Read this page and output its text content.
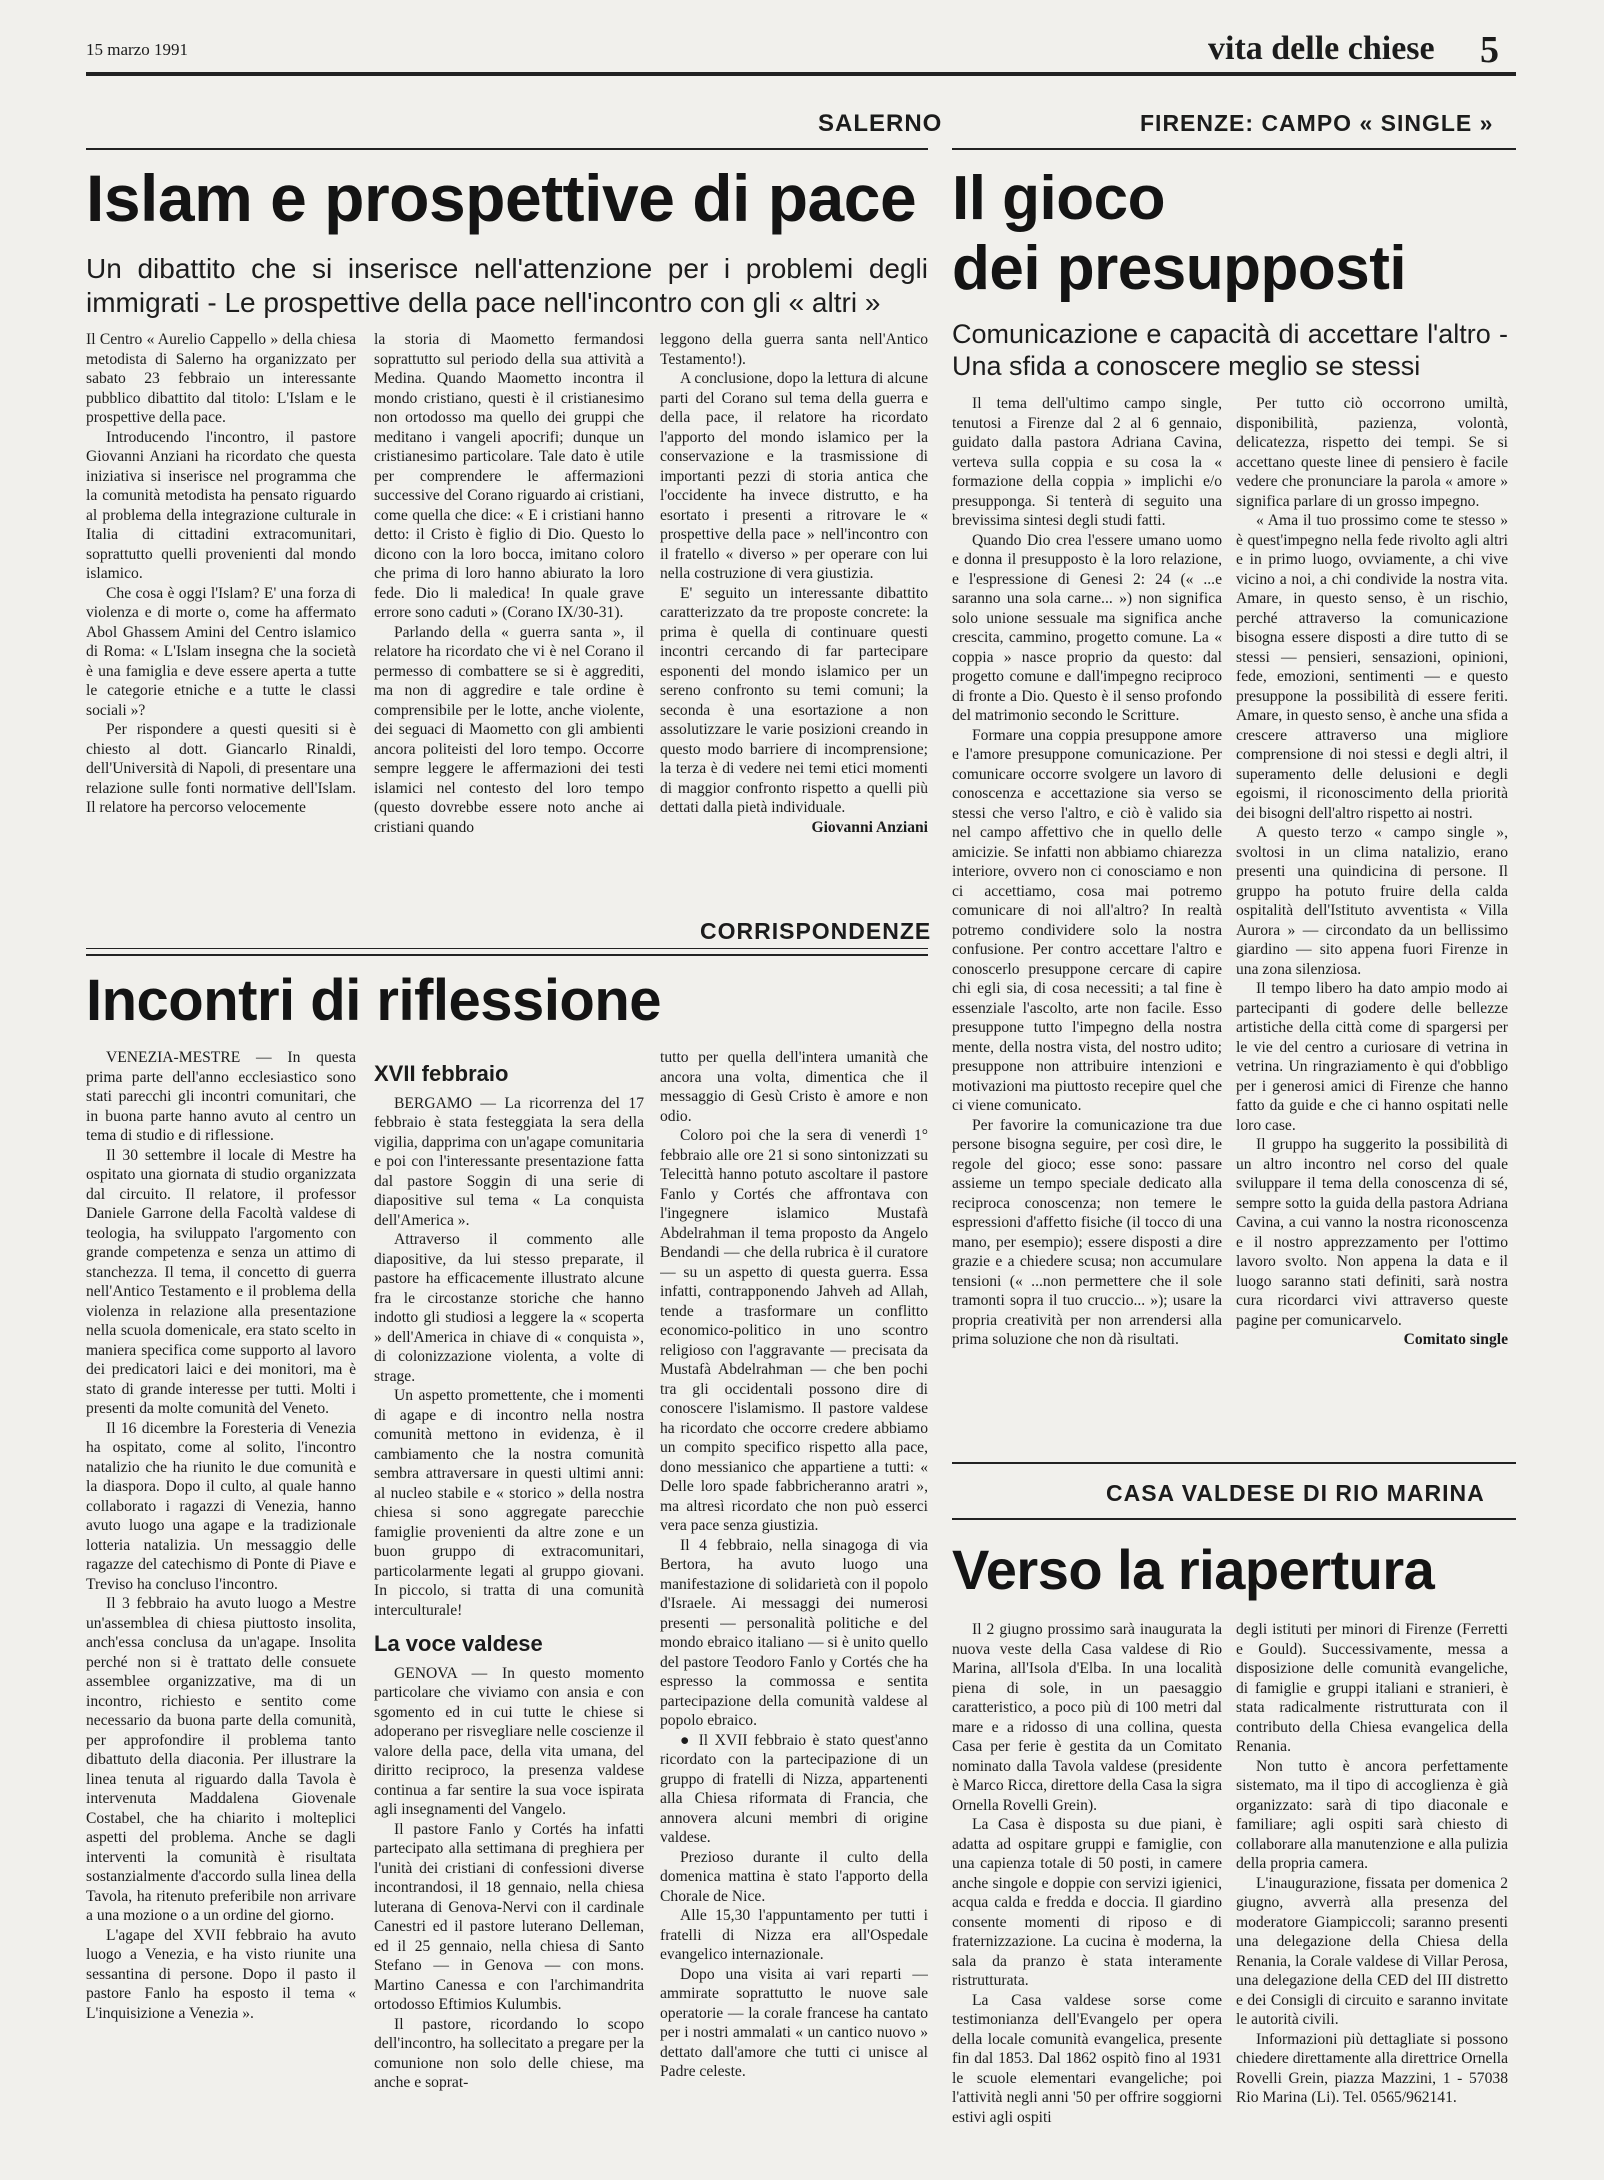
15 marzo 1991	vita delle chiese 5
SALERNO
Islam e prospettive di pace
Un dibattito che si inserisce nell'attenzione per i problemi degli immigrati - Le prospettive della pace nell'incontro con gli « altri »

Il Centro « Aurelio Cappello » della chiesa metodista di Salerno ha organizzato per sabato 23 febbraio un interessante pubblico dibattito dal titolo: L'Islam e le prospettive della pace.

Introducendo l'incontro, il pastore Giovanni Anziani ha ricordato che questa iniziativa si inserisce nel programma che la comunità metodista ha pensato riguardo al problema della integrazione culturale in Italia di cittadini extracomunitari, soprattutto quelli provenienti dal mondo islamico.

Che cosa è oggi l'Islam? E' una forza di violenza e di morte o, come ha affermato Abol Ghassem Amini del Centro islamico di Roma: « L'Islam insegna che la società è una famiglia e deve essere aperta a tutte le categorie etniche e a tutte le classi sociali »?

Per rispondere a questi quesiti si è chiesto al dott. Giancarlo Rinaldi, dell'Università di Napoli, di presentare una relazione sulle fonti normative dell'Islam. Il relatore ha percorso velocemente

la storia di Maometto fermandosi soprattutto sul periodo della sua attività a Medina. Quando Maometto incontra il mondo cristiano, questi è il cristianesimo non ortodosso ma quello dei gruppi che meditano i vangeli apocrifi; dunque un cristianesimo particolare. Tale dato è utile per comprendere le affermazioni successive del Corano riguardo ai cristiani, come quella che dice: « E i cristiani hanno detto: il Cristo è figlio di Dio. Questo lo dicono con la loro bocca, imitano coloro che prima di loro hanno abiurato la loro fede. Dio li maledica! In quale grave errore sono caduti » (Corano IX/30-31).

Parlando della « guerra santa », il relatore ha ricordato che vi è nel Corano il permesso di combattere se si è aggrediti, ma non di aggredire e tale ordine è comprensibile per le lotte, anche violente, dei seguaci di Maometto con gli ambienti ancora politeisti del loro tempo. Occorre sempre leggere le affermazioni dei testi islamici nel contesto del loro tempo (questo dovrebbe essere noto anche ai cristiani quando

leggono della guerra santa nell'Antico Testamento!).

A conclusione, dopo la lettura di alcune parti del Corano sul tema della guerra e della pace, il relatore ha ricordato l'apporto del mondo islamico per la conservazione e la trasmissione di importanti pezzi di storia antica che l'occidente ha invece distrutto, e ha esortato i presenti a ritrovare le « prospettive della pace » nell'incontro con il fratello « diverso » per operare con lui nella costruzione di vera giustizia.

E' seguito un interessante dibattito caratterizzato da tre proposte concrete: la prima è quella di continuare questi incontri cercando di far partecipare esponenti del mondo islamico per un sereno confronto su temi comuni; la seconda è una esortazione a non assolutizzare le varie posizioni creando in questo modo barriere di incomprensione; la terza è di vedere nei temi etici momenti di maggior confronto rispetto a quelli più dettati dalla pietà individuale.

Giovanni Anziani

FIRENZE: CAMPO « SINGLE »
Il gioco
dei presupposti
Comunicazione e capacità di accettare l'altro - Una sfida a conoscere meglio se stessi

Il tema dell'ultimo campo single, tenutosi a Firenze dal 2 al 6 gennaio, guidato dalla pastora Adriana Cavina, verteva sulla coppia e su cosa la « formazione della coppia » implichi e/o presupponga. Si tenterà di seguito una brevissima sintesi degli studi fatti.

Quando Dio crea l'essere umano uomo e donna il presupposto è la loro relazione, e l'espressione di Genesi 2: 24 (« ...e saranno una sola carne... ») non significa solo unione sessuale ma significa anche crescita, cammino, progetto comune. La « coppia » nasce proprio da questo: dal progetto comune e dall'impegno reciproco di fronte a Dio. Questo è il senso profondo del matrimonio secondo le Scritture.

Formare una coppia presuppone amore e l'amore presuppone comunicazione. Per comunicare occorre svolgere un lavoro di conoscenza e accettazione sia verso se stessi che verso l'altro, e ciò è valido sia nel campo affettivo che in quello delle amicizie. Se infatti non abbiamo chiarezza interiore, ovvero non ci conosciamo e non ci accettiamo, cosa mai potremo comunicare di noi all'altro? In realtà potremo condividere solo la nostra confusione. Per contro accettare l'altro e conoscerlo presuppone cercare di capire chi egli sia, di cosa necessiti; a tal fine è essenziale l'ascolto, arte non facile. Esso presuppone tutto l'impegno della nostra mente, della nostra vista, del nostro udito; presuppone non attribuire intenzioni e motivazioni ma piuttosto recepire quel che ci viene comunicato.

Per favorire la comunicazione tra due persone bisogna seguire, per così dire, le regole del gioco; esse sono: passare assieme un tempo speciale dedicato alla reciproca conoscenza; non temere le espressioni d'affetto fisiche (il tocco di una mano, per esempio); essere disposti a dire grazie e a chiedere scusa; non accumulare tensioni (« ...non permettere che il sole tramonti sopra il tuo cruccio... »); usare la propria creatività per non arrendersi alla prima soluzione che non dà risultati.

Per tutto ciò occorrono umiltà, disponibilità, pazienza, volontà, delicatezza, rispetto dei tempi. Se si accettano queste linee di pensiero è facile vedere che pronunciare la parola « amore » significa parlare di un grosso impegno.

« Ama il tuo prossimo come te stesso » è quest'impegno nella fede rivolto agli altri e in primo luogo, ovviamente, a chi vive vicino a noi, a chi condivide la nostra vita. Amare, in questo senso, è un rischio, perché attraverso la comunicazione bisogna essere disposti a dire tutto di se stessi — pensieri, sensazioni, opinioni, fede, emozioni, sentimenti — e questo presuppone la possibilità di essere feriti. Amare, in questo senso, è anche una sfida a crescere attraverso una migliore comprensione di noi stessi e degli altri, il superamento delle delusioni e degli egoismi, il riconoscimento della priorità dei bisogni dell'altro rispetto ai nostri.

A questo terzo « campo single », svoltosi in un clima natalizio, erano presenti una quindicina di persone. Il gruppo ha potuto fruire della calda ospitalità dell'Istituto avventista « Villa Aurora » — circondato da un bellissimo giardino — sito appena fuori Firenze in una zona silenziosa.

Il tempo libero ha dato ampio modo ai partecipanti di godere delle bellezze artistiche della città come di spargersi per le vie del centro a curiosare di vetrina in vetrina. Un ringraziamento è qui d'obbligo per i generosi amici di Firenze che hanno fatto da guide e che ci hanno ospitati nelle loro case.

Il gruppo ha suggerito la possibilità di un altro incontro nel corso del quale sviluppare il tema della conoscenza di sé, sempre sotto la guida della pastora Adriana Cavina, a cui vanno la nostra riconoscenza e il nostro apprezzamento per l'ottimo lavoro svolto. Non appena la data e il luogo saranno stati definiti, sarà nostra cura ricordarci vivi attraverso queste pagine per comunicarvelo.

Comitato single

CORRISPONDENZE
Incontri di riflessione

VENEZIA-MESTRE — In questa prima parte dell'anno ecclesiastico sono stati parecchi gli incontri comunitari, che in buona parte hanno avuto al centro un tema di studio e di riflessione.

Il 30 settembre il locale di Mestre ha ospitato una giornata di studio organizzata dal circuito. Il relatore, il professor Daniele Garrone della Facoltà valdese di teologia, ha sviluppato l'argomento con grande competenza e senza un attimo di stanchezza. Il tema, il concetto di guerra nell'Antico Testamento e il problema della violenza in relazione alla presentazione nella scuola domenicale, era stato scelto in maniera specifica come supporto al lavoro dei predicatori laici e dei monitori, ma è stato di grande interesse per tutti. Molti i presenti da molte comunità del Veneto.

Il 16 dicembre la Foresteria di Venezia ha ospitato, come al solito, l'incontro natalizio che ha riunito le due comunità e la diaspora. Dopo il culto, al quale hanno collaborato i ragazzi di Venezia, hanno avuto luogo una agape e la tradizionale lotteria natalizia. Un messaggio delle ragazze del catechismo di Ponte di Piave e Treviso ha concluso l'incontro.

Il 3 febbraio ha avuto luogo a Mestre un'assemblea di chiesa piuttosto insolita, anch'essa conclusa da un'agape. Insolita perché non si è trattato delle consuete assemblee organizzative, ma di un incontro, richiesto e sentito come necessario da buona parte della comunità, per approfondire il problema tanto dibattuto della diaconia. Per illustrare la linea tenuta al riguardo dalla Tavola è intervenuta Maddalena Giovenale Costabel, che ha chiarito i molteplici aspetti del problema. Anche se dagli interventi la comunità è risultata sostanzialmente d'accordo sulla linea della Tavola, ha ritenuto preferibile non arrivare a una mozione o a un ordine del giorno.

L'agape del XVII febbraio ha avuto luogo a Venezia, e ha visto riunite una sessantina di persone. Dopo il pasto il pastore Fanlo ha esposto il tema « L'inquisizione a Venezia ».

XVII febbraio

BERGAMO — La ricorrenza del 17 febbraio è stata festeggiata la sera della vigilia, dapprima con un'agape comunitaria e poi con l'interessante presentazione fatta dal pastore Soggin di una serie di diapositive sul tema « La conquista dell'America ».

Attraverso il commento alle diapositive, da lui stesso preparate, il pastore ha efficacemente illustrato alcune fra le circostanze storiche che hanno indotto gli studiosi a leggere la « scoperta » dell'America in chiave di « conquista », di colonizzazione violenta, a volte di strage.

Un aspetto promettente, che i momenti di agape e di incontro nella nostra comunità mettono in evidenza, è il cambiamento che la nostra comunità sembra attraversare in questi ultimi anni: al nucleo stabile e « storico » della nostra chiesa si sono aggregate parecchie famiglie provenienti da altre zone e un buon gruppo di extracomunitari, particolarmente legati al gruppo giovani. In piccolo, si tratta di una comunità interculturale!

La voce valdese

GENOVA — In questo momento particolare che viviamo con ansia e con sgomento ed in cui tutte le chiese si adoperano per risvegliare nelle coscienze il valore della pace, della vita umana, del diritto reciproco, la presenza valdese continua a far sentire la sua voce ispirata agli insegnamenti del Vangelo.

Il pastore Fanlo y Cortés ha infatti partecipato alla settimana di preghiera per l'unità dei cristiani di confessioni diverse incontrandosi, il 18 gennaio, nella chiesa luterana di Genova-Nervi con il cardinale Canestri ed il pastore luterano Delleman, ed il 25 gennaio, nella chiesa di Santo Stefano — in Genova — con mons. Martino Canessa e con l'archimandrita ortodosso Eftimios Kulumbis.

Il pastore, ricordando lo scopo dell'incontro, ha sollecitato a pregare per la comunione non solo delle chiese, ma anche e soprat-

tutto per quella dell'intera umanità che ancora una volta, dimentica che il messaggio di Gesù Cristo è amore e non odio.

Coloro poi che la sera di venerdì 1° febbraio alle ore 21 si sono sintonizzati su Telecittà hanno potuto ascoltare il pastore Fanlo y Cortés che affrontava con l'ingegnere islamico Mustafà Abdelrahman il tema proposto da Angelo Bendandi — che della rubrica è il curatore — su un aspetto di questa guerra. Essa infatti, contrapponendo Jahveh ad Allah, tende a trasformare un conflitto economico-politico in uno scontro religioso con l'aggravante — precisata da Mustafà Abdelrahman — che ben pochi tra gli occidentali possono dire di conoscere l'islamismo. Il pastore valdese ha ricordato che occorre credere abbiamo un compito specifico rispetto alla pace, dono messianico che appartiene a tutti: « Delle loro spade fabbricheranno aratri », ma altresì ricordato che non può esserci vera pace senza giustizia.

Il 4 febbraio, nella sinagoga di via Bertora, ha avuto luogo una manifestazione di solidarietà con il popolo d'Israele. Ai messaggi dei numerosi presenti — personalità politiche e del mondo ebraico italiano — si è unito quello del pastore Teodoro Fanlo y Cortés che ha espresso la commossa e sentita partecipazione della comunità valdese al popolo ebraico.

● Il XVII febbraio è stato quest'anno ricordato con la partecipazione di un gruppo di fratelli di Nizza, appartenenti alla Chiesa riformata di Francia, che annovera alcuni membri di origine valdese.

Prezioso durante il culto della domenica mattina è stato l'apporto della Chorale de Nice.

Alle 15,30 l'appuntamento per tutti i fratelli di Nizza era all'Ospedale evangelico internazionale.

Dopo una visita ai vari reparti — ammirate soprattutto le nuove sale operatorie — la corale francese ha cantato per i nostri ammalati « un cantico nuovo » dettato dall'amore che tutti ci unisce al Padre celeste.

CASA VALDESE DI RIO MARINA
Verso la riapertura

Il 2 giugno prossimo sarà inaugurata la nuova veste della Casa valdese di Rio Marina, all'Isola d'Elba. In una località piena di sole, in un paesaggio caratteristico, a poco più di 100 metri dal mare e a ridosso di una collina, questa Casa per ferie è gestita da un Comitato nominato dalla Tavola valdese (presidente è Marco Ricca, direttore della Casa la sigra Ornella Rovelli Grein).

La Casa è disposta su due piani, è adatta ad ospitare gruppi e famiglie, con una capienza totale di 50 posti, in camere anche singole e doppie con servizi igienici, acqua calda e fredda e doccia. Il giardino consente momenti di riposo e di fraternizzazione. La cucina è moderna, la sala da pranzo è stata interamente ristrutturata.

La Casa valdese sorse come testimonianza dell'Evangelo per opera della locale comunità evangelica, presente fin dal 1853. Dal 1862 ospitò fino al 1931 le scuole elementari evangeliche; poi l'attività negli anni '50 per offrire soggiorni estivi agli ospiti

degli istituti per minori di Firenze (Ferretti e Gould). Successivamente, messa a disposizione delle comunità evangeliche, di famiglie e gruppi italiani e stranieri, è stata radicalmente ristrutturata con il contributo della Chiesa evangelica della Renania.

Non tutto è ancora perfettamente sistemato, ma il tipo di accoglienza è già organizzato: sarà di tipo diaconale e familiare; agli ospiti sarà chiesto di collaborare alla manutenzione e alla pulizia della propria camera.

L'inaugurazione, fissata per domenica 2 giugno, avverrà alla presenza del moderatore Giampiccoli; saranno presenti una delegazione della Chiesa della Renania, la Corale valdese di Villar Perosa, una delegazione della CED del III distretto e dei Consigli di circuito e saranno invitate le autorità civili.

Informazioni più dettagliate si possono chiedere direttamente alla direttrice Ornella Rovelli Grein, piazza Mazzini, 1 - 57038 Rio Marina (Li). Tel. 0565/962141.
